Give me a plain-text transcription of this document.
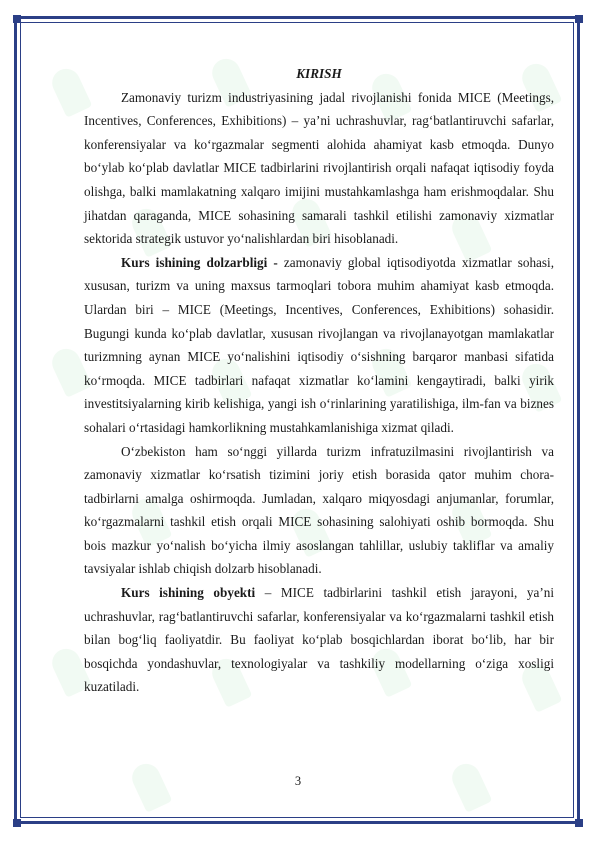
KIRISH

Zamonaviy turizm industriyasining jadal rivojlanishi fonida MICE (Meetings, Incentives, Conferences, Exhibitions) – ya’ni uchrashuvlar, rag‘batlantiruvchi safarlar, konferensiyalar va ko‘rgazmalar segmenti alohida ahamiyat kasb etmoqda. Dunyo bo‘ylab ko‘plab davlatlar MICE tadbirlarini rivojlantirish orqali nafaqat iqtisodiy foyda olishga, balki mamlakatning xalqaro imijini mustahkamlashga ham erishmoqdalar. Shu jihatdan qaraganda, MICE sohasining samarali tashkil etilishi zamonaviy xizmatlar sektorida strategik ustuvor yo‘nalishlardan biri hisoblanadi.

Kurs ishining dolzarbligi - zamonaviy global iqtisodiyotda xizmatlar sohasi, xususan, turizm va uning maxsus tarmoqlari tobora muhim ahamiyat kasb etmoqda. Ulardan biri – MICE (Meetings, Incentives, Conferences, Exhibitions) sohasidir. Bugungi kunda ko‘plab davlatlar, xususan rivojlangan va rivojlanayotgan mamlakatlar turizmning aynan MICE yo‘nalishini iqtisodiy o‘sishning barqaror manbasi sifatida ko‘rmoqda. MICE tadbirlari nafaqat xizmatlar ko‘lamini kengaytiradi, balki yirik investitsiyalarning kirib kelishiga, yangi ish o‘rinlarining yaratilishiga, ilm-fan va biznes sohalari o‘rtasidagi hamkorlikning mustahkamlanishiga xizmat qiladi.

O‘zbekiston ham so‘nggi yillarda turizm infratuzilmasini rivojlantirish va zamonaviy xizmatlar ko‘rsatish tizimini joriy etish borasida qator muhim chora-tadbirlarni amalga oshirmoqda. Jumladan, xalqaro miqyosdagi anjumanlar, forumlar, ko‘rgazmalarni tashkil etish orqali MICE sohasining salohiyati oshib bormoqda. Shu bois mazkur yo‘nalish bo‘yicha ilmiy asoslangan tahlillar, uslubiy takliflar va amaliy tavsiyalar ishlab chiqish dolzarb hisoblanadi.

Kurs ishining obyekti – MICE tadbirlarini tashkil etish jarayoni, ya’ni uchrashuvlar, rag‘batlantiruvchi safarlar, konferensiyalar va ko‘rgazmalarni tashkil etish bilan bog‘liq faoliyatdir. Bu faoliyat ko‘plab bosqichlardan iborat bo‘lib, har bir bosqichda yondashuvlar, texnologiyalar va tashkiliy modellarning o‘ziga xosligi kuzatiladi.

3
